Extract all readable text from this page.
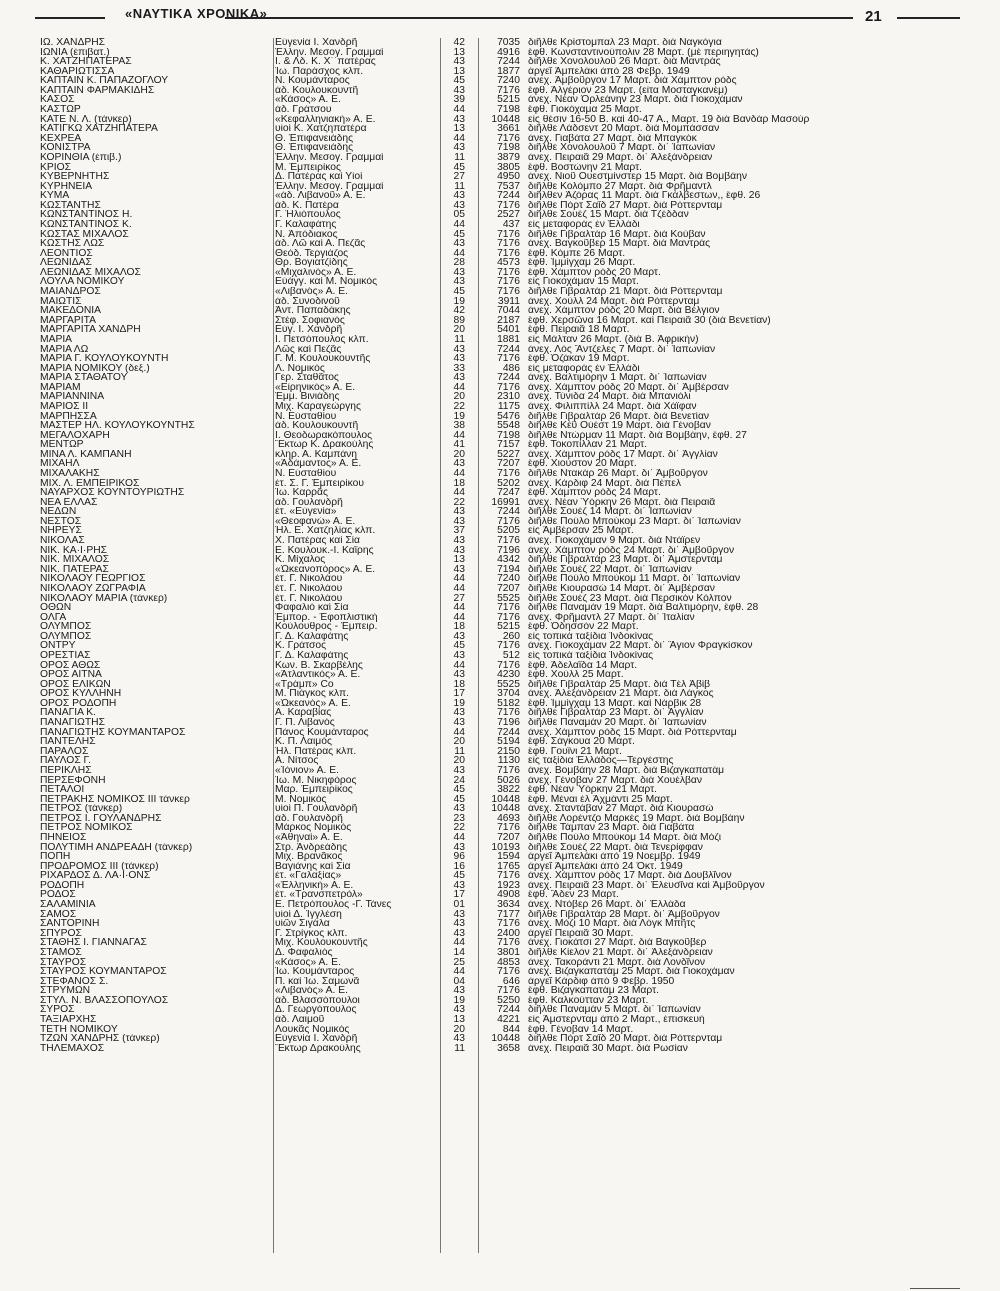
«ΝΑΥΤΙΚΑ ΧΡΟΝΙΚΑ»	21
ΙΩ. ΧΑΝΔΡΗΣ	Εὐγενία Ι. Χανδρῆ	42	7035 διῆλθε Κρίστομπαλ 23 Μαρτ. διὰ Ναγκόγια
ΙΩΝΙΑ (ἐπιβατ.)	Ἑλλην. Μεσογ. Γραμμαὶ	13	4916 ἔφθ. Κωνσταντινούπολιν 28 Μαρτ. (μὲ περιηγητὰς)
Κ. ΧΑΤΖΗΠΑΤΕΡΑΣ	Ι. & Λδ. Κ. Χ΄΄πατέρας	43	7244 διῆλθε Χονολουλοῦ 26 Μαρτ. διὰ Μαντρὰς
ΚΑΘΑΡΙΩΤΙΣΣΑ	Ἰω. Παράσχος κλπ.	13	1877 ἀργεῖ Ἀμπελάκι ἀπὸ 28 Φεβρ. 1949
ΚΑΠΤΑΙΝ Κ. ΠΑΠΑΖΟΓΛΟΥ	Ν. Κουμάνταρος	45	7240 ἀνεχ. Ἀμβοῦργον 17 Μαρτ. διὰ Χάμπτον ρὸδς
ΚΑΠΤΑΙΝ ΦΑΡΜΑΚΙΔΗΣ	ἀδ. Κουλουκουντῆ	43	7176 ἔφθ. Ἀλγέριον 23 Μαρτ. (εἶτα Μοσταγκανὲμ)
ΚΑΣΟΣ	«Κάσος» Α. Ε.	39	5215 ἀνεχ. Νέαν Ὀρλεάνην 23 Μαρτ. διὰ Γιοκοχάμαν
ΚΑΣΤΩΡ	ἀδ. Γράτσου	44	7198 ἔφθ. Γιοκόχαμα 25 Μαρτ.
ΚΑΤΕ Ν. Λ. (τάνκερ)	«Κεφαλληνιακὴ» Α. Ε.	43	10448 εἰς θέσιν 16-50 Β. καὶ 40-47 Α., Μαρτ. 19 διὰ Βανδὰρ Μασοὺρ
ΚΑΤΙΓΚΩ ΧΑΤΖΗΠΑΤΕΡΑ	υἱοὶ Κ. Χατζηπατέρα	13	3661 διῆλθε Λάδσεντ 20 Μαρτ. διὰ Μομπάσσαν
ΚΕΧΡΕΑ	Θ. Ἐπιφανειάδης	44	7176 ἀνεχ. Γιαβάτα 27 Μαρτ. διὰ Μπαγκὸκ
ΚΟΝΙΣΤΡΑ	Θ. Ἐπιφανειάδης	43	7198 διῆλθε Χονολουλοῦ 7 Μαρτ. δι᾽ Ἰαπωνίαν
ΚΟΡΙΝΘΙΑ (ἐπιβ.)	Ἑλλην. Μεσογ. Γραμμαὶ	11	3879 ἀνεχ. Πειραιᾶ 29 Μαρτ. δι᾽ Ἀλεξάνδρειαν
ΚΡΙΟΣ	Μ. Ἐμπειρίκος	45	3805 ἔφθ. Βοστώνην 21 Μαρτ.
ΚΥΒΕΡΝΗΤΗΣ	Δ. Πατέρας καὶ Υἱοὶ	27	4950 ἀνεχ. Νιοῦ Ουεστμίνστερ 15 Μαρτ. διὰ Βομβάην
ΚΥΡΗΝΕΙΑ	Ἑλλην. Μεσογ. Γραμμαὶ	11	7537 διῆλθε Κολόμπο 27 Μαρτ. διὰ Φρῆμαντλ
ΚΥΜΑ	«ἀδ. Λιβανοῦ» Α. Ε.	43	7244 διῆλθεν Ἀζόρας 11 Μαρτ. διὰ Γκάλβεστων,, ἔφθ. 26
ΚΩΣΤΑΝΤΗΣ	ἀδ. Κ. Πατέρα	43	7176 διῆλθε Πὸρτ Σαΐδ 27 Μαρτ. διὰ Ρόττερνταμ
ΚΩΝΣΤΑΝΤΙΝΟΣ Η.	Γ. Ἡλιόπουλος	05	2527 διῆλθε Σουὲζ 15 Μαρτ. διὰ Τζέδδαν
ΚΩΝΣΤΑΝΤΙΝΟΣ Κ.	Γ. Καλαφάτης	44	437 εἰς μεταφορὰς ἐν Ἑλλάδι
ΚΩΣΤΑΣ ΜΙΧΑΛΟΣ	Ν. Ἀπόδιακος	45	7176 διῆλθε Γιβραλτὰρ 16 Μαρτ. διὰ Κούβαν
ΚΩΣΤΗΣ ΛΩΣ	ἀδ. Λῶ καὶ Α. Πεζᾶς	43	7176 ἀνεχ. Βαγκοῦβερ 15 Μαρτ. διὰ Μαντρὰς
ΛΕΟΝΤΙΟΣ	Θεόδ. Τεργιάζος	44	7176 ἔφθ. Κόμπε 26 Μαρτ.
ΛΕΩΝΙΔΑΣ	Θρ. Βογιατζίδης	28	4573 ἔφθ. Ἰμμίγχαμ 26 Μαρτ.
ΛΕΩΝΙΔΑΣ ΜΙΧΑΛΟΣ	«Μιχαλινὸς» Α. Ε.	43	7176 ἔφθ. Χάμπτον ρὸδς 20 Μαρτ.
ΛΟΥΛΑ ΝΟΜΙΚΟΥ	Εὐάγγ. καὶ Μ. Νομικὸς	43	7176 εἰς Γιοκοχάμαν 15 Μαρτ.
ΜΑΙΑΝΔΡΟΣ	«Λιβανὸς» Α. Ε.	45	7176 διῆλθε Γιβραλτὰρ 21 Μαρτ. διὰ Ρόττερνταμ
ΜΑΙΩΤΙΣ	ἀδ. Συνοδινοῦ	19	3911 ἀνεχ. Χοὺλλ 24 Μαρτ. διὰ Ρόττερνταμ
ΜΑΚΕΔΟΝΙΑ	Ἀντ. Παπαδάκης	42	7044 ἀνεχ. Χάμπτον ρὸδς 20 Μαρτ. διὰ Βέλγιον
ΜΑΡΓΑΡΙΤΑ	Στέφ. Σοφιανὸς	89	2187 ἔφθ. Χερσῶνα 16 Μαρτ. καὶ Πειραιᾶ 30 (διὰ Βενετίαν)
ΜΑΡΓΑΡΙΤΑ ΧΑΝΔΡΗ	Εὐγ. Ι. Χανδρῆ	20	5401 ἔφθ. Πειραιᾶ 18 Μαρτ.
ΜΑΡΙΑ	Ι. Πετσόπουλος κλπ.	11	1881 εἰς Μάλταν 26 Μαρτ. (διὰ Β. Ἀφρικὴν)
ΜΑΡΙΑ ΛΩ	Λῶς καὶ Πεζᾶς	43	7244 ἀνεχ. Λὸς Ἄντζελες 7 Μαρτ. δι᾽ Ἰαπωνίαν
ΜΑΡΙΑ Γ. ΚΟΥΛΟΥΚΟΥΝΤΗ	Γ. Μ. Κουλουκουντῆς	43	7176 ἔφθ. Ὀζάκαν 19 Μαρτ.
ΜΑΡΙΑ ΝΟΜΙΚΟΥ (δεξ.)	Λ. Νομικὸς	33	486 εἰς μεταφορὰς ἐν Ἑλλάδι
ΜΑΡΙΑ ΣΤΑΘΑΤΟΥ	Γερ. Σταθᾶτος	43	7244 ἀνεχ. Βαλτιμόρην 1 Μαρτ. δι᾽ Ἰαπωνίαν
ΜΑΡΙΑΜ	«Εἰρηνικὸς» Α. Ε.	44	7176 ἀνεχ. Χάμπτον ρὸδς 20 Μαρτ. δι᾽ Ἀμβέρσαν
ΜΑΡΙΑΝΝΙΝΑ	Ἐμμ. Βινιάδης	20	2310 ἀνεχ. Τύνιδα 24 Μαρτ. διὰ Μπανιόλι
ΜΑΡΙΟΣ ΙΙ	Μιχ. Καραγεώργης	22	1175 ἀνεχ. Φιλιππίλλ 24 Μαρτ. διὰ Χάϊφαν
ΜΑΡΠΗΣΣΑ	Ν. Εὐσταθίου	19	5476 διῆλθε Γιβραλτὰρ 26 Μαρτ. διὰ Βενετίαν
ΜΑΣΤΕΡ ΗΛ. ΚΟΥΛΟΥΚΟΥΝΤΗΣ	ἀδ. Κουλουκουντῆ	38	5548 διῆλθε Κέῦ Οὐέστ 19 Μαρτ. διὰ Γένοβαν
ΜΕΓΑΛΟΧΑΡΗ	Ι. Θεοδωρακόπουλος	44	7198 διῆλθε Ντώρμαν 11 Μαρτ. διὰ Βομβάην, ἔφθ. 27
ΜΕΝΤΩΡ	Ἕκτωρ Κ. Δρακούλης	41	7157 ἔφθ. Τοκοπίλλαν 21 Μαρτ.
ΜΙΝΑ Λ. ΚΑΜΠΑΝΗ	κληρ. Α. Καμπάνη	20	5227 ἀνεχ. Χάμπτον ρὸδς 17 Μαρτ. δι᾽ Ἀγγλίαν
ΜΙΧΑΗΛ	«Ἀδάμαντος» Α. Ε.	43	7207 ἔφθ. Χιούστον 20 Μαρτ.
ΜΙΧΑΛΑΚΗΣ	Ν. Εὐσταθίου	44	7176 διῆλθε Ντακὰρ 26 Μαρτ. δι᾽ Ἀμβοῦργον
ΜΙΧ. Λ. ΕΜΠΕΙΡΙΚΟΣ	ἐτ. Σ. Γ. Ἐμπειρίκου	18	5202 ἀνεχ. Κάρδιφ 24 Μαρτ. διὰ Πέπελ
ΝΑΥΑΡΧΟΣ ΚΟΥΝΤΟΥΡΙΩΤΗΣ	Ἰω. Καρρᾶς	44	7247 ἔφθ. Χάμπτον ρὸδς 24 Μαρτ.
ΝΕΑ ΕΛΛΑΣ	ἀδ. Γουλανδρῆ	22	16991 ἀνεχ. Νέαν Ὑόρκην 26 Μαρτ. διὰ Πειραιᾶ
ΝΕΔΩΝ	ἐτ. «Εὐγενία»	43	7244 διῆλθε Σουὲζ 14 Μαρτ. δι᾽ Ἰαπωνίαν
ΝΕΣΤΟΣ	«Θεοφανὼ» Α. Ε.	43	7176 διῆλθε Πούλο Μπούκομ 23 Μαρτ. δι᾽ Ἰαπωνίαν
ΝΗΡΕΥΣ	Ἠλ. Ε. Χατζηλίας κλπ.	37	5205 εἰς Ἀμβέρσαν 25 Μαρτ.
ΝΙΚΟΛΑΣ	Χ. Πατέρας καὶ Σία	43	7176 ἀνεχ. Γιοκοχάμαν 9 Μαρτ. διὰ Ντάϊρεν
ΝΙΚ. ΚΑ·Ι·ΡΗΣ	Ε. Κουλουκ.-Ι. Καΐρης	43	7196 ἀνεχ. Χάμπτον ρὸδς 24 Μαρτ. δι᾽ Ἀμβοῦργον
ΝΙΚ. ΜΙΧΑΛΟΣ	Κ. Μίχαλος	13	4342 διῆλθε Γιβραλτὰρ 23 Μαρτ. δι᾽ Ἀμστερνταμ
ΝΙΚ. ΠΑΤΕΡΑΣ	«Ὠκεανοπόρος» Α. Ε.	43	7194 διῆλθε Σουὲζ 22 Μαρτ. δι᾽ Ἰαπωνίαν
ΝΙΚΟΛΑΟΥ ΓΕΩΡΓΙΟΣ	ἐτ. Γ. Νικολάου	44	7240 διῆλθε Πούλο Μπούκομ 11 Μαρτ. δι᾽ Ἰαπωνίαν
ΝΙΚΟΛΑΟΥ ΖΩΓΡΑΦΙΑ	ἐτ. Γ. Νικολάου	44	7207 διῆλθε Κιουρασὼ 14 Μαρτ. δι᾽ Ἀμβέρσαν
ΝΙΚΟΛΑΟΥ ΜΑΡΙΑ (τάνκερ)	ἐτ. Γ. Νικολάου	27	5525 διῆλθε Σουὲζ 23 Μαρτ. διὰ Περσικὸν Κόλπον
ΟΘΩΝ	Φαφαλιὸ καὶ Σία	44	7176 διῆλθε Παναμὰν 19 Μαρτ. διὰ Βαλτιμόρην, ἔφθ. 28
ΟΛΓΑ	Ἐμπορ. - Ἐφοπλιστική	44	7176 ἀνεχ. Φρῆμαντλ 27 Μαρτ. δι᾽ Ἰταλίαν
ΟΛΥΜΠΟΣ	Κούλουθρος - Ἐμπειρ.	18	5215 ἔφθ. Ὀδησσὸν 22 Μαρτ.
ΟΛΥΜΠΟΣ	Γ. Δ. Καλαφάτης	43	260 εἰς τοπικὰ ταξίδια Ἰνδοκίνας
ΟΝΤΡΥ	Κ. Γράτσος	45	7176 ἀνεχ. Γιοκοχάμαν 22 Μαρτ. δι᾽ Ἅγιον Φραγκίσκον
ΟΡΕΣΤΙΑΣ	Γ. Δ. Καλαφάτης	43	512 εἰς τοπικὰ ταξίδια Ἰνδοκίνας
ΟΡΟΣ ΑΘΩΣ	Κων. Β. Σκαρβέλης	44	7176 ἔφθ. Ἀδελαΐδα 14 Μαρτ.
ΟΡΟΣ ΑΙΤΝΑ	«Ἀτλαντικὸς» Α. Ε.	43	4230 ἔφθ. Χοὺλλ 25 Μαρτ.
ΟΡΟΣ ΕΛΙΚΩΝ	«Τρὰμπ» Co	18	5525 διῆλθε Γιβραλτὰρ 25 Μαρτ. διὰ Τὲλ Ἀβὶβ
ΟΡΟΣ ΚΥΛΛΗΝΗ	Μ. Πιάγκος κλπ.	17	3704 ἀνεχ. Ἀλεξάνδρειαν 21 Μαρτ. διὰ Λάγκος
ΟΡΟΣ ΡΟΔΟΠΗ	«Ὠκεανὸς» Α. Ε.	19	5182 ἔφθ. Ἰμμίγχαμ 13 Μαρτ. καὶ Νάρβικ 28
ΠΑΝΑΓΙΑ Κ.	Α. Καραβίας	43	7176 διῆλθε Γιβραλτὰρ 23 Μαρτ. δι᾽ Ἀγγλίαν
ΠΑΝΑΓΙΩΤΗΣ	Γ. Π. Λιβανὸς	43	7196 διῆλθε Παναμὰν 20 Μαρτ. δι᾽ Ἰαπωνίαν
ΠΑΝΑΓΙΩΤΗΣ ΚΟΥΜΑΝΤΑΡΟΣ	Πάνος Κουμάνταρος	44	7244 ἀνεχ. Χάμπτον ρὸδς 15 Μαρτ. διὰ Ρόττερνταμ
ΠΑΝΤΕΛΗΣ	Κ. Π. Λαιμὸς	20	5194 ἔφθ. Σάγκουα 20 Μαρτ.
ΠΑΡΑΛΟΣ	Ἠλ. Πατέρας κλπ.	11	2150 ἔφθ. Γουϊνι 21 Μαρτ.
ΠΑΥΛΟΣ Γ.	Α. Νίτσος	20	1130 εἰς ταξίδια Ἑλλάδος—Τεργέστης
ΠΕΡΙΚΛΗΣ	«Ἰόνιον» Α. Ε.	43	7176 ἀνεχ. Βομβάην 28 Μαρτ. διὰ Βιζαγκαπατὰμ
ΠΕΡΣΕΦΟΝΗ	Ἰω. Μ. Νικηφόρος	24	5026 ἀνεχ. Γένοβαν 27 Μαρτ. διὰ Χουέλβαν
ΠΕΤΑΛΟΙ	Μαρ. Ἐμπειρίκος	45	3822 ἔφθ. Νέαν Ὑόρκην 21 Μαρτ.
ΠΕΤΡΑΚΗΣ ΝΟΜΙΚΟΣ ΙΙΙ τάνκερ	Μ. Νομικὸς	45	10448 ἔφθ. Μέναι ἐλ Ἀχμάντι 25 Μαρτ.
ΠΕΤΡΟΣ (τάνκερ)	υἱοὶ Π. Γουλανδρῆ	43	10448 ἀνεχ. Σταντάβαν 27 Μαρτ. διὰ Κιουρασὼ
ΠΕΤΡΟΣ Ι. ΓΟΥΛΑΝΔΡΗΣ	ἀδ. Γουλανδρῆ	23	4693 διῆλθε Λορέντζο Μαρκὲς 19 Μαρτ. διὰ Βομβάην
ΠΕΤΡΟΣ ΝΟΜΙΚΟΣ	Μάρκος Νομικὸς	22	7176 διῆλθε Τάμπαν 23 Μαρτ. διὰ Γιαβάτα
ΠΗΝΕΙΟΣ	«Ἀθηναὶ» Α. Ε.	44	7207 διῆλθε Πούλο Μπούκομ 14 Μαρτ. διὰ Μόζι
ΠΟΛΥΤΙΜΗ ΑΝΔΡΕΑΔΗ (τάνκερ)	Στρ. Ἀνδρεάδης	43	10193 διῆλθε Σουὲζ 22 Μαρτ. διὰ Τενερίφφαν
ΠΟΠΗ	Μιχ. Βρανᾶκος	96	1594 ἀργεῖ Ἀμπελάκι ἀπὸ 19 Νοεμβρ. 1949
ΠΡΟΔΡΟΜΟΣ ΙΙΙ (τάνκερ)	Βαγιάνης καὶ Σία	16	1765 ἀργεῖ Ἀμπελάκι ἀπὸ 24 Ὀκτ. 1949
ΡΙΧΑΡΔΟΣ Δ. ΛΑ·Ι·ΟΝΣ	ἐτ. «Γαλαξίας»	45	7176 ἀνεχ. Χάμπτον ρὸδς 17 Μαρτ. διὰ Δουβλῖνον
ΡΟΔΟΠΗ	«Ἑλληνικὴ» Α. Ε.	43	1923 ἀνεχ. Πειραιᾶ 23 Μαρτ. δι᾽ Ἐλευσῖνα καὶ Ἀμβοῦργον
ΡΟΔΟΣ	ἐτ. «Τρανσπετρόλ»	17	4908 ἔφθ. Ἄδεν 23 Μαρτ.
ΣΑΛΑΜΙΝΙΑ	Ε. Πετρόπουλος -Γ. Τάνες	01	3634 ἀνεχ. Ντόβερ 26 Μαρτ. δι᾽ Ἑλλάδα
ΣΑΜΟΣ	υἱοὶ Δ. Ἰγγλέση	43	7177 διῆλθε Γιβραλτὰρ 28 Μαρτ. δι᾽ Ἀμβοῦργον
ΣΑΝΤΟΡΙΝΗ	υἱῶν Σιγάλα	43	7176 ἀνεχ. Μόζι 10 Μαρτ. διὰ Λὸγκ Μπῆτς
ΣΠΥΡΟΣ	Γ. Στρίγκος κλπ.	43	2400 ἀργεῖ Πειραιᾶ 30 Μαρτ.
ΣΤΑΘΗΣ Ι. ΓΙΑΝΝΑΓΑΣ	Μιχ. Κουλουκουντῆς	44	7176 ἀνεχ. Γιοκάτσι 27 Μαρτ. διὰ Βαγκοῦβερ
ΣΤΑΜΟΣ	Δ. Φαφαλιὸς	14	3801 διῆλθε Κίελον 21 Μαρτ. δι᾽ Ἀλεξάνδρειαν
ΣΤΑΥΡΟΣ	«Κάσος» Α. Ε.	25	4853 ἀνεχ. Τακοράντι 21 Μαρτ. διὰ Λονδῖνον
ΣΤΑΥΡΟΣ ΚΟΥΜΑΝΤΑΡΟΣ	Ἰω. Κουμάνταρος	44	7176 ἀνεχ. Βιζαγκαπατὰμ 25 Μαρτ. διὰ Γιοκοχάμαν
ΣΤΕΦΑΝΟΣ Σ.	Π. καὶ Ἰω. Σαμωνᾶ	04	646 ἀργεῖ Κάρδιφ ἀπὸ 9 Φεβρ. 1950
ΣΤΡΥΜΩΝ	«Λιβανὸς» Α. Ε.	43	7176 ἔφθ. Βιζαγκαπατὰμ 23 Μαρτ.
ΣΤΥΛ. Ν. ΒΛΑΣΣΟΠΟΥΛΟΣ	ἀδ. Βλασσόπουλοι	19	5250 ἔφθ. Καλκούτταν 23 Μαρτ.
ΣΥΡΟΣ	Δ. Γεωργόπουλος	43	7244 διῆλθε Παναμὰν 5 Μαρτ. δι᾽ Ἰαπωνίαν
ΤΑΞΙΑΡΧΗΣ	ἀδ. Λαιμοῦ	13	4221 εἰς Ἀμστερνταμ ἀπὸ 2 Μαρτ., ἐπισκευὴ
ΤΕΤΗ ΝΟΜΙΚΟΥ	Λουκᾶς Νομικὸς	20	844 ἔφθ. Γένοβαν 14 Μαρτ.
ΤΖΩΝ ΧΑΝΔΡΗΣ (τάνκερ)	Εὐγενία Ι. Χανδρῆ	43	10448 διῆλθε Πὸρτ Σαΐδ 20 Μαρτ. διὰ Ρόττερνταμ
ΤΗΛΕΜΑΧΟΣ	Ἕκτωρ Δρακούλης	11	3658 ἀνεχ. Πειραιᾶ 30 Μαρτ. διὰ Ρωσίαν
